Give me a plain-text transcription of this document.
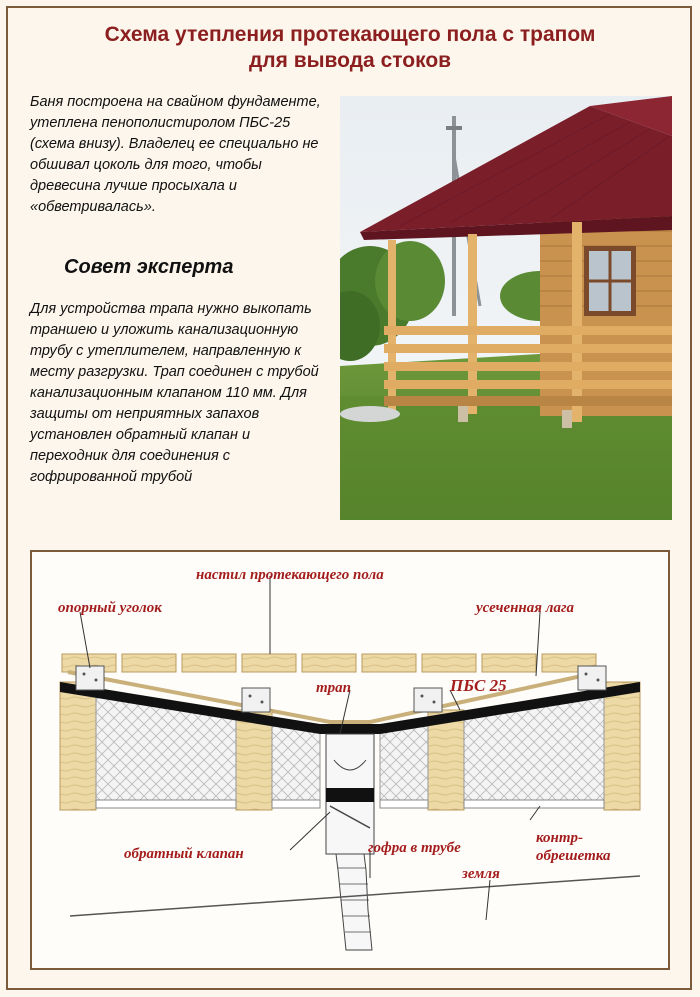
Схема утепления протекающего пола с трапом
для вывода стоков
Баня построена на свайном фундаменте, утеплена пенополистиролом ПБС-25 (схема внизу). Владелец ее специально не обшивал цоколь для того, чтобы древесина лучше просыхала и «обветривалась».
Совет эксперта
Для устройства трапа нужно выкопать траншею и уложить канализационную трубу с утеплителем, направленную к месту разгрузки. Трап соединен с трубой канализационным клапаном 110 мм. Для защиты от неприятных запахов установлен обратный клапан и переходник для соединения с гофрированной трубой
настил протекающего пола
опорный уголок	усеченная лага
трап	ПБС 25
обратный клапан	гофра в трубе
контр-
обрешетка
земля
